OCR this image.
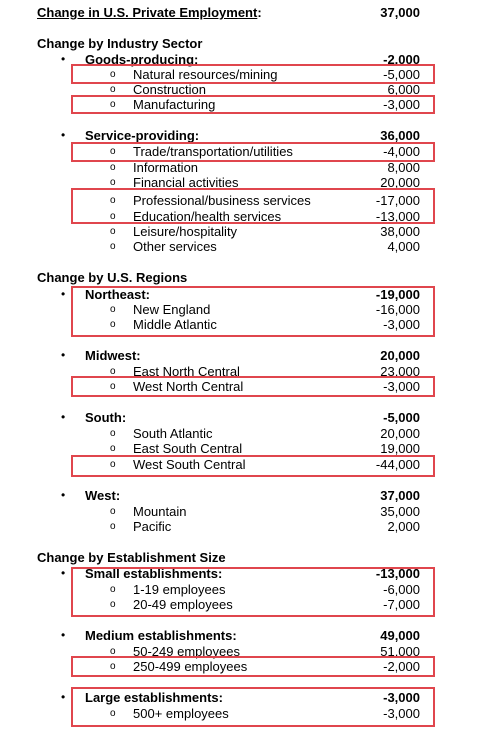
Change in U.S. Private Employment:	37,000
Change by Industry Sector
• Goods-producing:	-2,000
o Natural resources/mining	-5,000
o Construction	6,000
o Manufacturing	-3,000
• Service-providing:	36,000
o Trade/transportation/utilities	-4,000
o Information	8,000
o Financial activities	20,000
o Professional/business services	-17,000
o Education/health services	-13,000
o Leisure/hospitality	38,000
o Other services	4,000
Change by U.S. Regions
• Northeast:	-19,000
o New England	-16,000
o Middle Atlantic	-3,000
• Midwest:	20,000
o East North Central	23,000
o West North Central	-3,000
• South:	-5,000
o South Atlantic	20,000
o East South Central	19,000
o West South Central	-44,000
• West:	37,000
o Mountain	35,000
o Pacific	2,000
Change by Establishment Size
• Small establishments:	-13,000
o 1-19 employees	-6,000
o 20-49 employees	-7,000
• Medium establishments:	49,000
o 50-249 employees	51,000
o 250-499 employees	-2,000
• Large establishments:	-3,000
o 500+ employees	-3,000
